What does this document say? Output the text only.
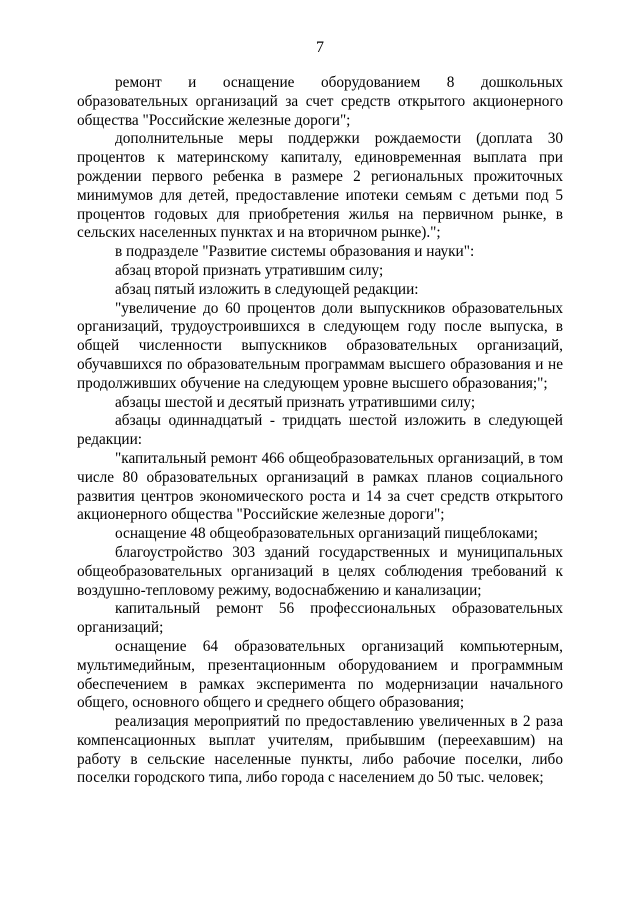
7

ремонт и оснащение оборудованием 8 дошкольных образовательных организаций за счет средств открытого акционерного общества "Российские железные дороги";

дополнительные меры поддержки рождаемости (доплата 30 процентов к материнскому капиталу, единовременная выплата при рождении первого ребенка в размере 2 региональных прожиточных минимумов для детей, предоставление ипотеки семьям с детьми под 5 процентов годовых для приобретения жилья на первичном рынке, в сельских населенных пунктах и на вторичном рынке).";

в подразделе "Развитие системы образования и науки":

абзац второй признать утратившим силу;

абзац пятый изложить в следующей редакции:

"увеличение до 60 процентов доли выпускников образовательных организаций, трудоустроившихся в следующем году после выпуска, в общей численности выпускников образовательных организаций, обучавшихся по образовательным программам высшего образования и не продолживших обучение на следующем уровне высшего образования;";

абзацы шестой и десятый признать утратившими силу;

абзацы одиннадцатый - тридцать шестой изложить в следующей редакции:

"капитальный ремонт 466 общеобразовательных организаций, в том числе 80 образовательных организаций в рамках планов социального развития центров экономического роста и 14 за счет средств открытого акционерного общества "Российские железные дороги";

оснащение 48 общеобразовательных организаций пищеблоками;

благоустройство 303 зданий государственных и муниципальных общеобразовательных организаций в целях соблюдения требований к воздушно-тепловому режиму, водоснабжению и канализации;

капитальный ремонт 56 профессиональных образовательных организаций;

оснащение 64 образовательных организаций компьютерным, мультимедийным, презентационным оборудованием и программным обеспечением в рамках эксперимента по модернизации начального общего, основного общего и среднего общего образования;

реализация мероприятий по предоставлению увеличенных в 2 раза компенсационных выплат учителям, прибывшим (переехавшим) на работу в сельские населенные пункты, либо рабочие поселки, либо поселки городского типа, либо города с населением до 50 тыс. человек;
